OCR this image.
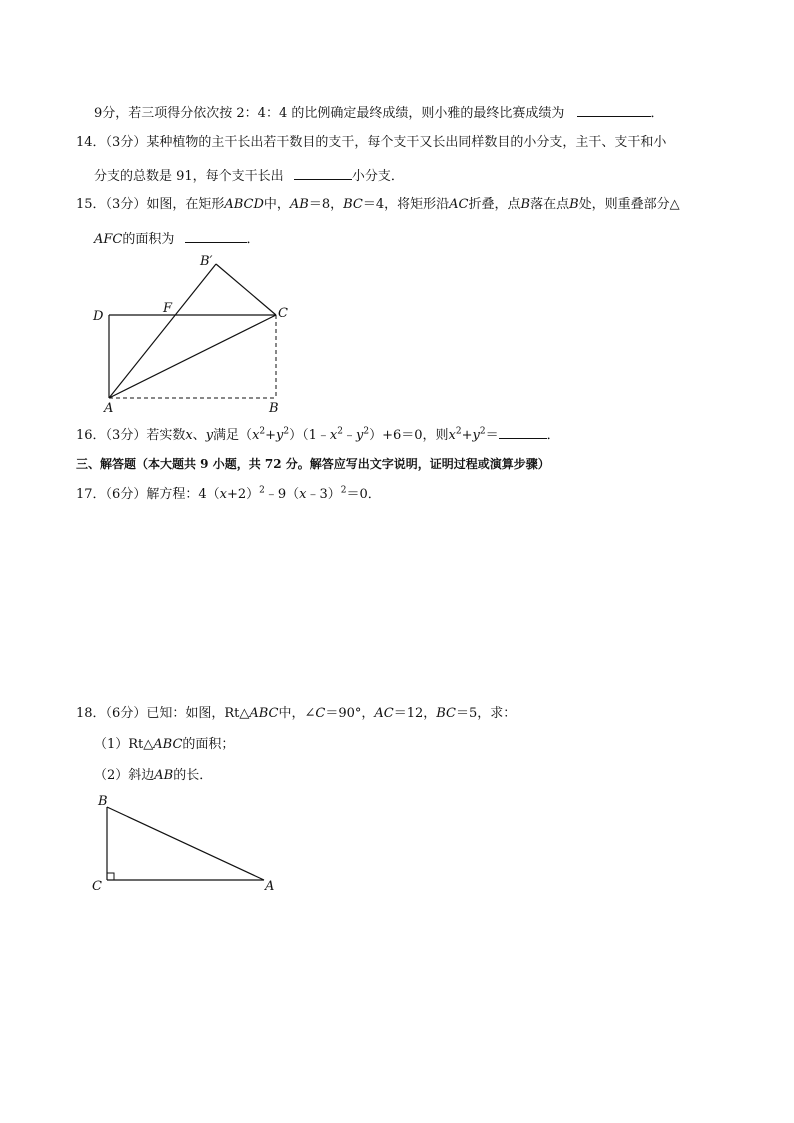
9分，若三项得分依次按 2：4：4 的比例确定最终成绩，则小雅的最终比赛成绩为	．
14．（3分）某种植物的主干长出若干数目的支干，每个支干又长出同样数目的小分支，主干、支干和小
分支的总数是 91，每个支干长出	小分支．
15．（3分）如图，在矩形ABCD中，AB＝8，BC＝4，将矩形沿AC折叠，点B落在点B处，则重叠部分△
AFC的面积为	．
B′
D
F	C
A	B
16．（3分）若实数x、y满足$(x^2+y^2)(1﹣x^2﹣y^2)+6=0$，则$x^2+y^2=$	．
三、解答题（本大题共 9 小题，共 72 分。解答应写出文字说明，证明过程或演算步骤）
17．（6分）解方程：$4(x+2)^2﹣9(x﹣3)^2=0$．
18．（6分）已知：如图，Rt△ABC中，∠C＝90°，AC＝12，BC＝5，求：
（1）Rt△ABC的面积；
（2）斜边AB的长．
B
C	A
